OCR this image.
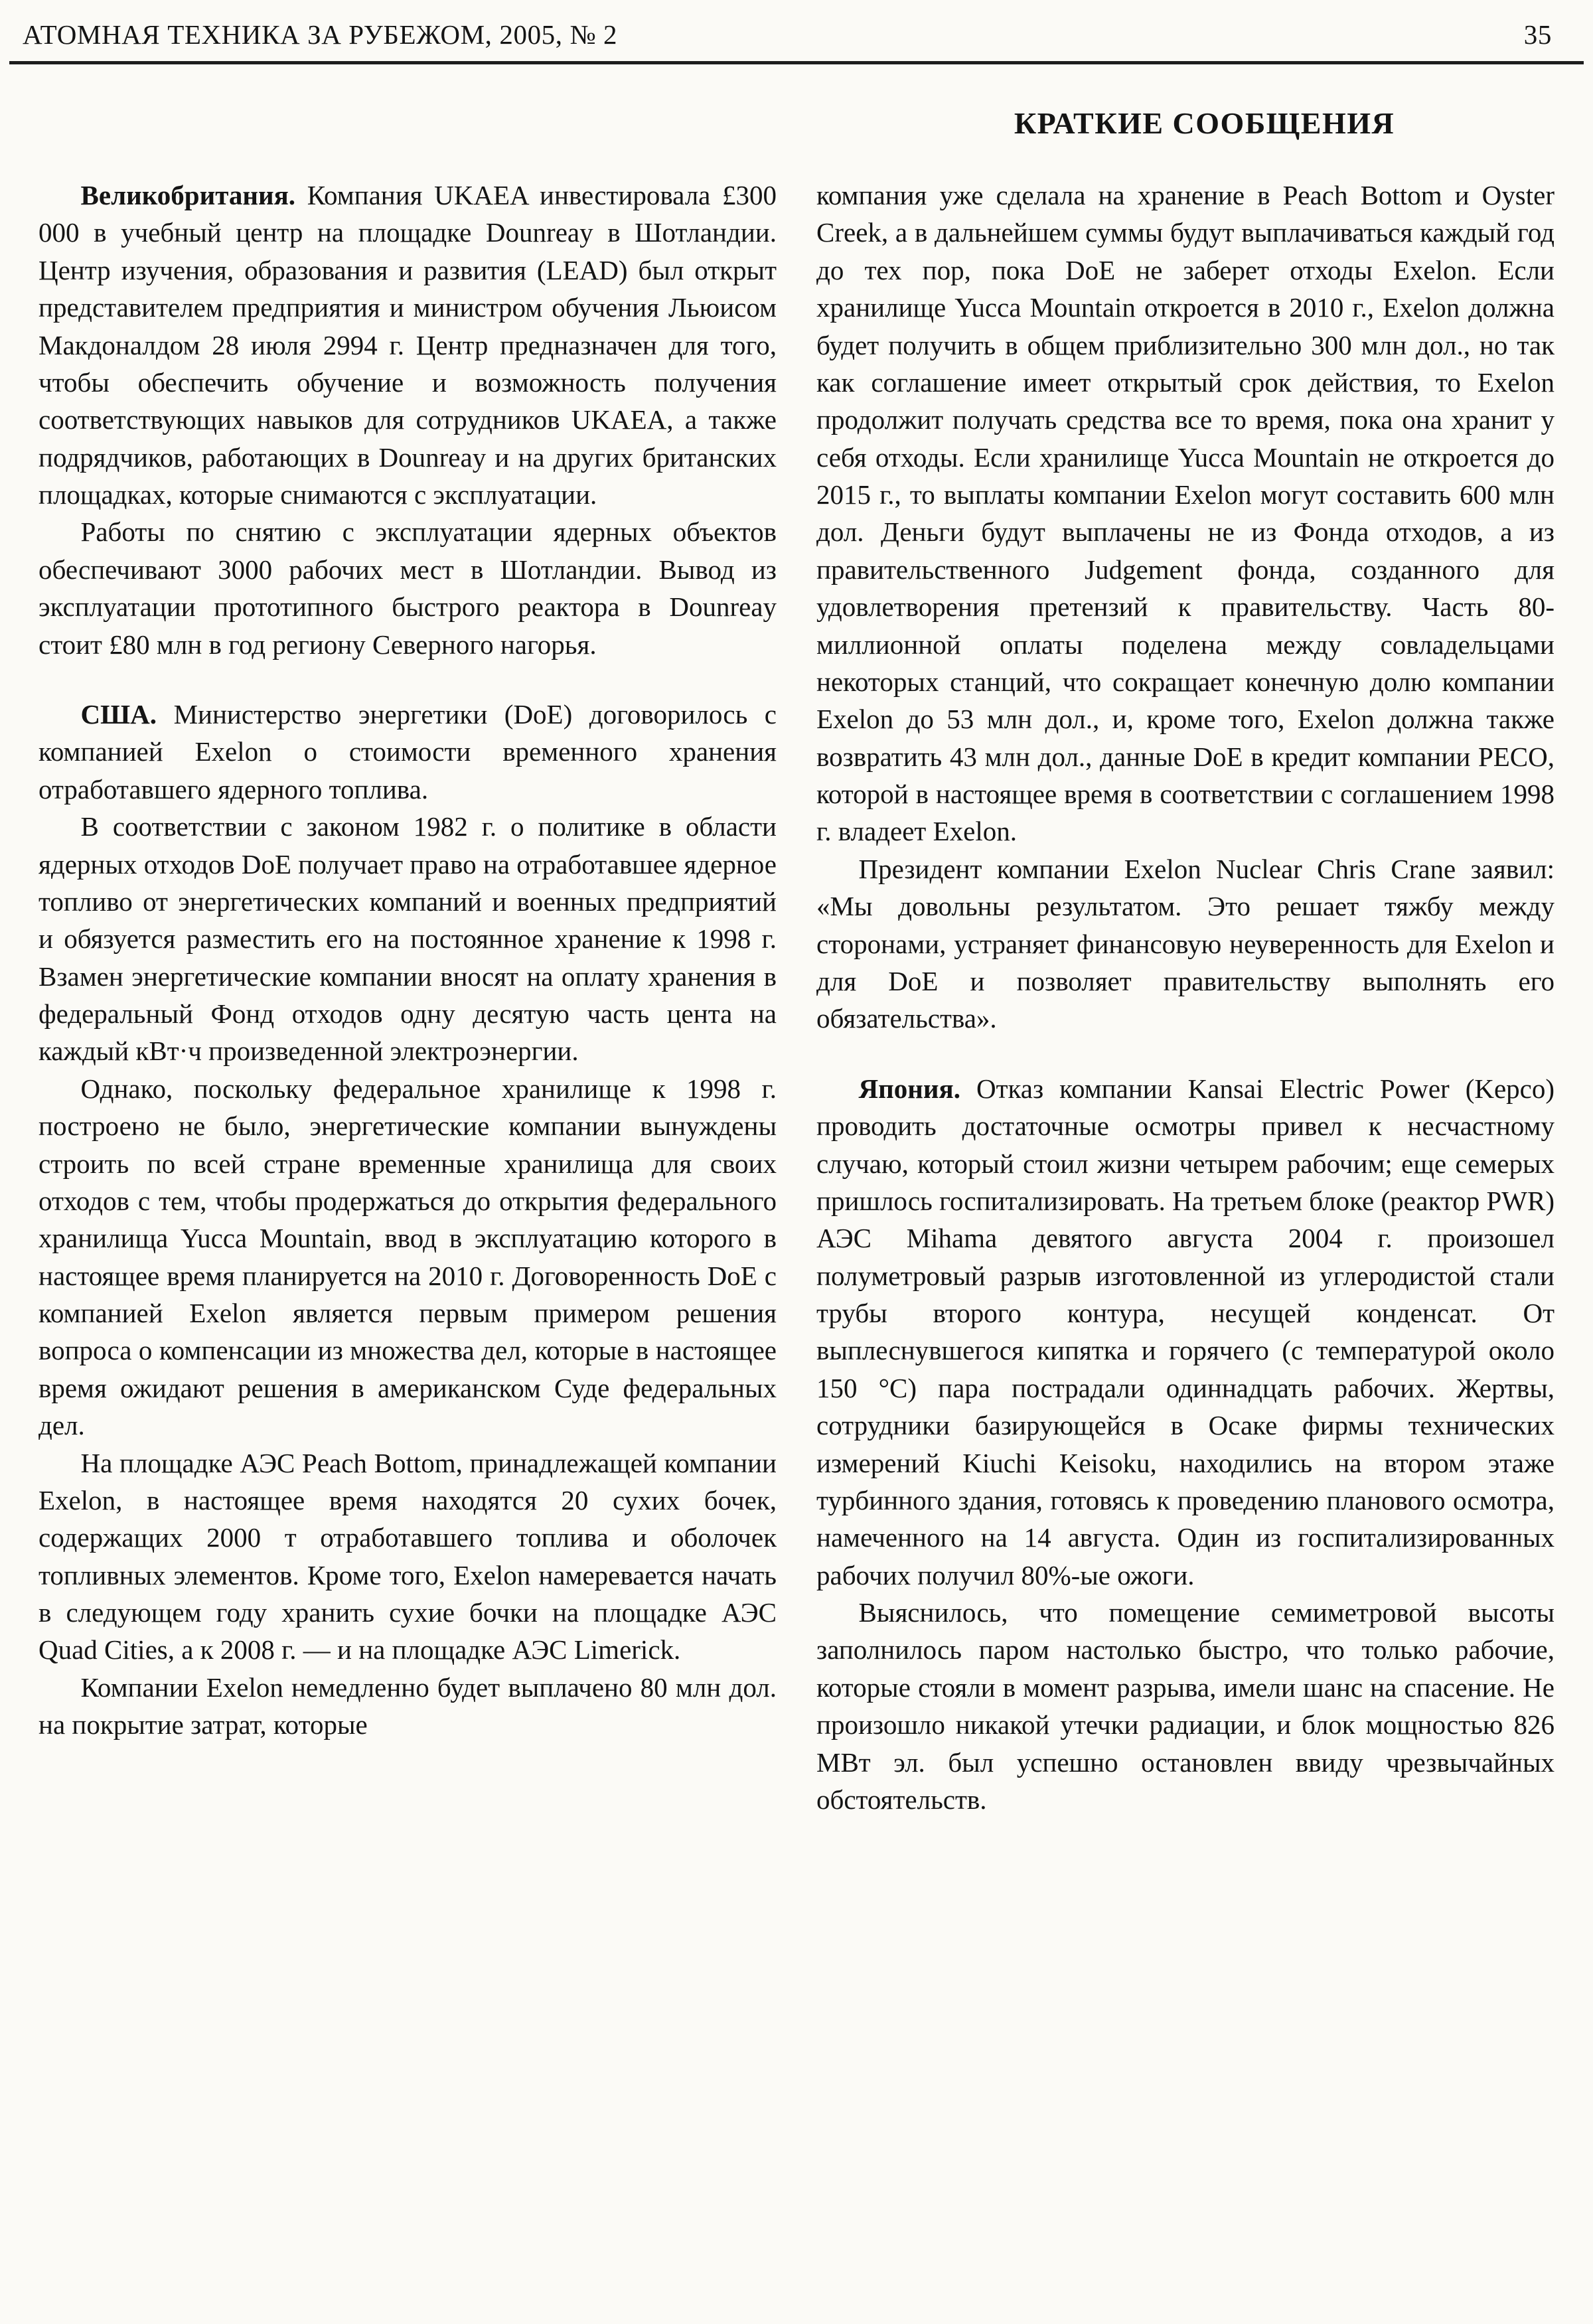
АТОМНАЯ ТЕХНИКА ЗА РУБЕЖОМ, 2005, № 2	35
КРАТКИЕ СООБЩЕНИЯ

Великобритания. Компания UKAEA инвестировала £300 000 в учебный центр на площадке Dounreay в Шотландии. Центр изучения, образования и развития (LEAD) был открыт представителем предприятия и министром обучения Льюисом Макдоналдом 28 июля 2994 г. Центр предназначен для того, чтобы обеспечить обучение и возможность получения соответствующих навыков для сотрудников UKAEA, а также подрядчиков, работающих в Dounreay и на других британских площадках, которые снимаются с эксплуатации.

Работы по снятию с эксплуатации ядерных объектов обеспечивают 3000 рабочих мест в Шотландии. Вывод из эксплуатации прототипного быстрого реактора в Dounreay стоит £80 млн в год региону Северного нагорья.

США. Министерство энергетики (DoE) договорилось с компанией Exelon о стоимости временного хранения отработавшего ядерного топлива.

В соответствии с законом 1982 г. о политике в области ядерных отходов DoE получает право на отработавшее ядерное топливо от энергетических компаний и военных предприятий и обязуется разместить его на постоянное хранение к 1998 г. Взамен энергетические компании вносят на оплату хранения в федеральный Фонд отходов одну десятую часть цента на каждый кВт·ч произведенной электроэнергии.

Однако, поскольку федеральное хранилище к 1998 г. построено не было, энергетические компании вынуждены строить по всей стране временные хранилища для своих отходов с тем, чтобы продержаться до открытия федерального хранилища Yucca Mountain, ввод в эксплуатацию которого в настоящее время планируется на 2010 г. Договоренность DoE с компанией Exelon является первым примером решения вопроса о компенсации из множества дел, которые в настоящее время ожидают решения в американском Суде федеральных дел.

На площадке АЭС Peach Bottom, принадлежащей компании Exelon, в настоящее время находятся 20 сухих бочек, содержащих 2000 т отработавшего топлива и оболочек топливных элементов. Кроме того, Exelon намеревается начать в следующем году хранить сухие бочки на площадке АЭС Quad Cities, а к 2008 г. — и на площадке АЭС Limerick.

Компании Exelon немедленно будет выплачено 80 млн дол. на покрытие затрат, которые

компания уже сделала на хранение в Peach Bottom и Oyster Creek, а в дальнейшем суммы будут выплачиваться каждый год до тех пор, пока DoE не заберет отходы Exelon. Если хранилище Yucca Mountain откроется в 2010 г., Exelon должна будет получить в общем приблизительно 300 млн дол., но так как соглашение имеет открытый срок действия, то Exelon продолжит получать средства все то время, пока она хранит у себя отходы. Если хранилище Yucca Mountain не откроется до 2015 г., то выплаты компании Exelon могут составить 600 млн дол. Деньги будут выплачены не из Фонда отходов, а из правительственного Judgement фонда, созданного для удовлетворения претензий к правительству. Часть 80-миллионной оплаты поделена между совладельцами некоторых станций, что сокращает конечную долю компании Exelon до 53 млн дол., и, кроме того, Exelon должна также возвратить 43 млн дол., данные DoE в кредит компании PECO, которой в настоящее время в соответствии с соглашением 1998 г. владеет Exelon.

Президент компании Exelon Nuclear Chris Crane заявил: «Мы довольны результатом. Это решает тяжбу между сторонами, устраняет финансовую неуверенность для Exelon и для DoE и позволяет правительству выполнять его обязательства».

Япония. Отказ компании Kansai Electric Power (Kepco) проводить достаточные осмотры привел к несчастному случаю, который стоил жизни четырем рабочим; еще семерых пришлось госпитализировать. На третьем блоке (реактор PWR) АЭС Mihama девятого августа 2004 г. произошел полуметровый разрыв изготовленной из углеродистой стали трубы второго контура, несущей конденсат. От выплеснувшегося кипятка и горячего (с температурой около 150 °C) пара пострадали одиннадцать рабочих. Жертвы, сотрудники базирующейся в Осаке фирмы технических измерений Kiuchi Keisoku, находились на втором этаже турбинного здания, готовясь к проведению планового осмотра, намеченного на 14 августа. Один из госпитализированных рабочих получил 80%-ые ожоги.

Выяснилось, что помещение семиметровой высоты заполнилось паром настолько быстро, что только рабочие, которые стояли в момент разрыва, имели шанс на спасение. Не произошло никакой утечки радиации, и блок мощностью 826 МВт эл. был успешно остановлен ввиду чрезвычайных обстоятельств.
